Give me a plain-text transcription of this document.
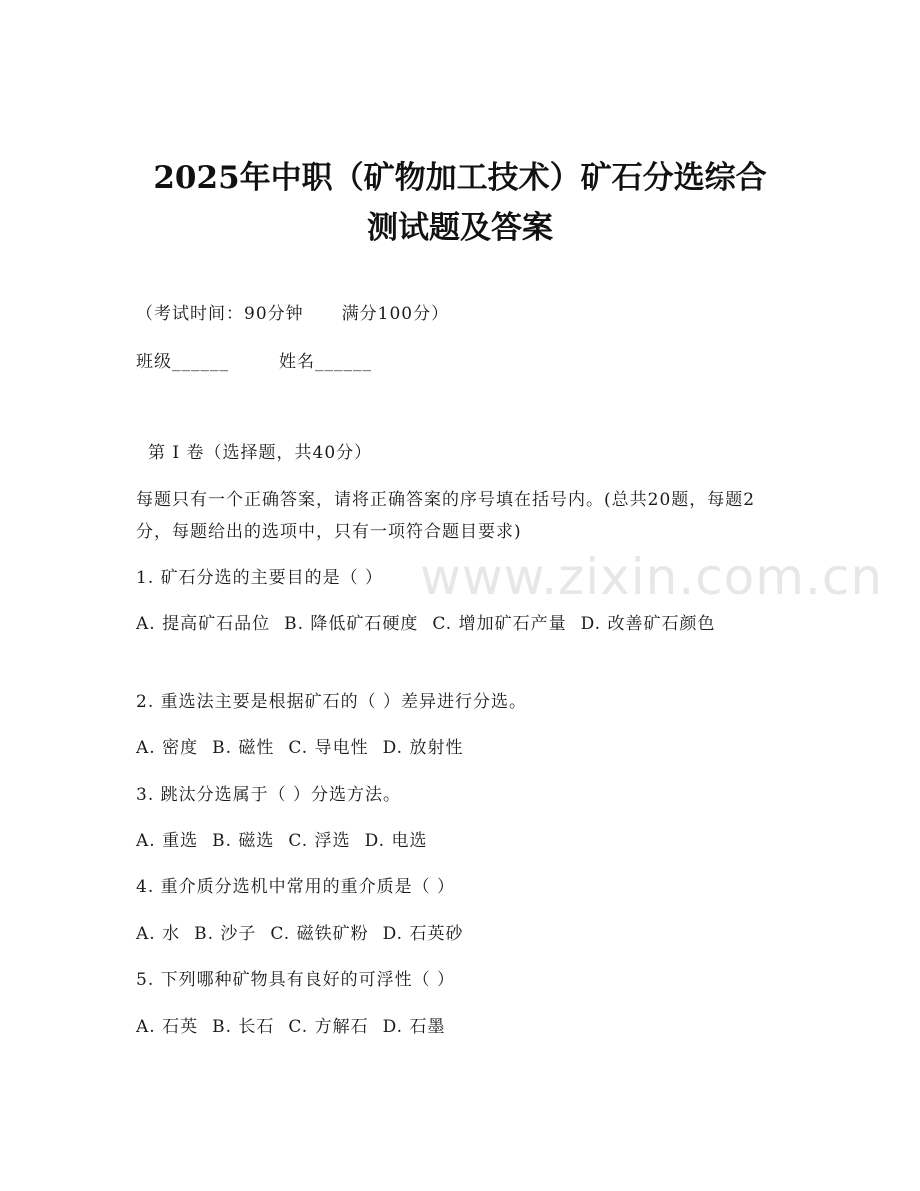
2025年中职（矿物加工技术）矿石分选综合
测试题及答案
（考试时间：90分钟 满分100分）
班级______	姓名______
第 I 卷（选择题，共40分）
每题只有一个正确答案，请将正确答案的序号填在括号内。(总共20题，每题2分，每题给出的选项中，只有一项符合题目要求)
1. 矿石分选的主要目的是（ ）
A. 提高矿石品位 B. 降低矿石硬度 C. 增加矿石产量 D. 改善矿石颜色
2. 重选法主要是根据矿石的（ ）差异进行分选。
A. 密度 B. 磁性 C. 导电性 D. 放射性
3. 跳汰分选属于（ ）分选方法。
A. 重选 B. 磁选 C. 浮选 D. 电选
4. 重介质分选机中常用的重介质是（ ）
A. 水 B. 沙子 C. 磁铁矿粉 D. 石英砂
5. 下列哪种矿物具有良好的可浮性（ ）
A. 石英 B. 长石 C. 方解石 D. 石墨
www.zixin.com.cn
